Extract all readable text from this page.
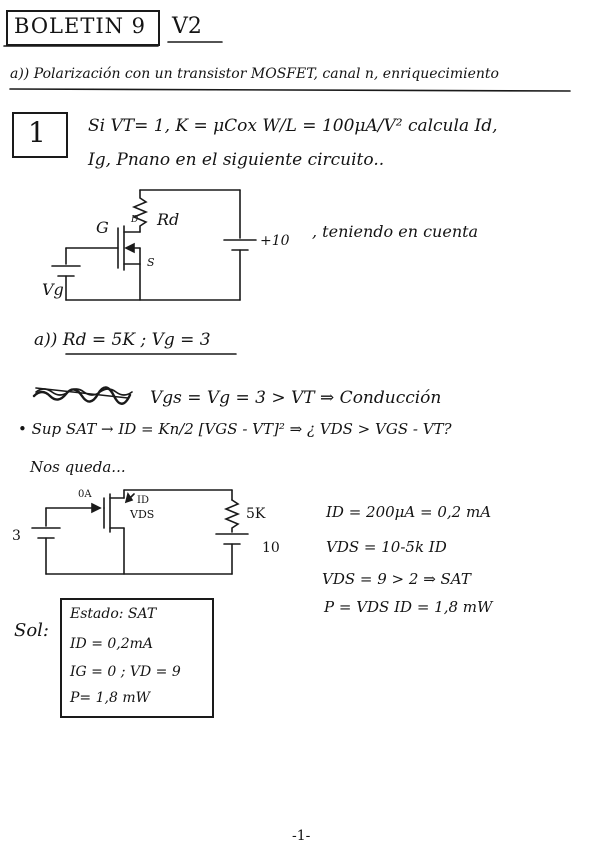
BOLETIN 9 V2
a)) Polarización con un transistor MOSFET, canal n, enriquecimiento
1 Si VT= 1, K = μCox W/L = 100μA/V² calcula Id,
Ig, Pnano en el siguiente circuito..
, teniendo en cuenta
G D
S
Rd
Vg
+10
a)) Rd = 5K ; Vg = 3
Vgs = Vg = 3 > VT ⇒ Conducción
• Sup SAT → ID = Kn/2 [VGS - VT]² ⇒ ¿ VDS > VGS - VT?
Nos queda...
0A
ID
VDS	5K
10
3
ID = 200μA = 0,2 mA
VDS = 10-5k ID
VDS = 9 > 2 ⇒ SAT
P = VDS ID = 1,8 mW
Sol:
Estado: SAT
ID = 0,2mA
IG = 0 ; VD = 9
P= 1,8 mW
-1-
